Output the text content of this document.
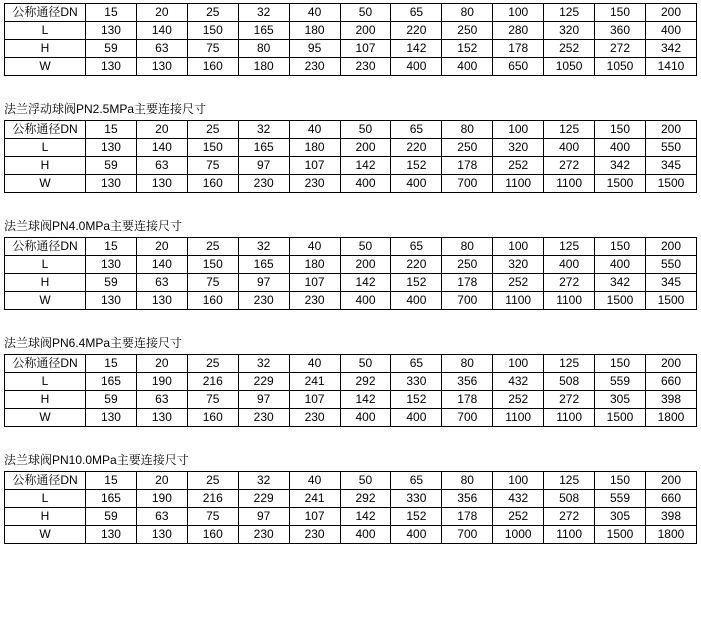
公称通径DN	15	20	25	32	40	50	65	80	100	125	150	200
L	130	140	150	165	180	200	220	250	280	320	360	400
H	59	63	75	80	95	107	142	152	178	252	272	342
W	130	130	160	180	230	230	400	400	650	1050	1050	1410
法兰浮动球阀PN2.5MPa主要连接尺寸
公称通径DN	15	20	25	32	40	50	65	80	100	125	150	200
L	130	140	150	165	180	200	220	250	320	400	400	550
H	59	63	75	97	107	142	152	178	252	272	342	345
W	130	130	160	230	230	400	400	700	1100	1100	1500	1500
法兰球阀PN4.0MPa主要连接尺寸
公称通径DN	15	20	25	32	40	50	65	80	100	125	150	200
L	130	140	150	165	180	200	220	250	320	400	400	550
H	59	63	75	97	107	142	152	178	252	272	342	345
W	130	130	160	230	230	400	400	700	1100	1100	1500	1500
法兰球阀PN6.4MPa主要连接尺寸
公称通径DN	15	20	25	32	40	50	65	80	100	125	150	200
L	165	190	216	229	241	292	330	356	432	508	559	660
H	59	63	75	97	107	142	152	178	252	272	305	398
W	130	130	160	230	230	400	400	700	1100	1100	1500	1800
法兰球阀PN10.0MPa主要连接尺寸
公称通径DN	15	20	25	32	40	50	65	80	100	125	150	200
L	165	190	216	229	241	292	330	356	432	508	559	660
H	59	63	75	97	107	142	152	178	252	272	305	398
W	130	130	160	230	230	400	400	700	1000	1100	1500	1800
